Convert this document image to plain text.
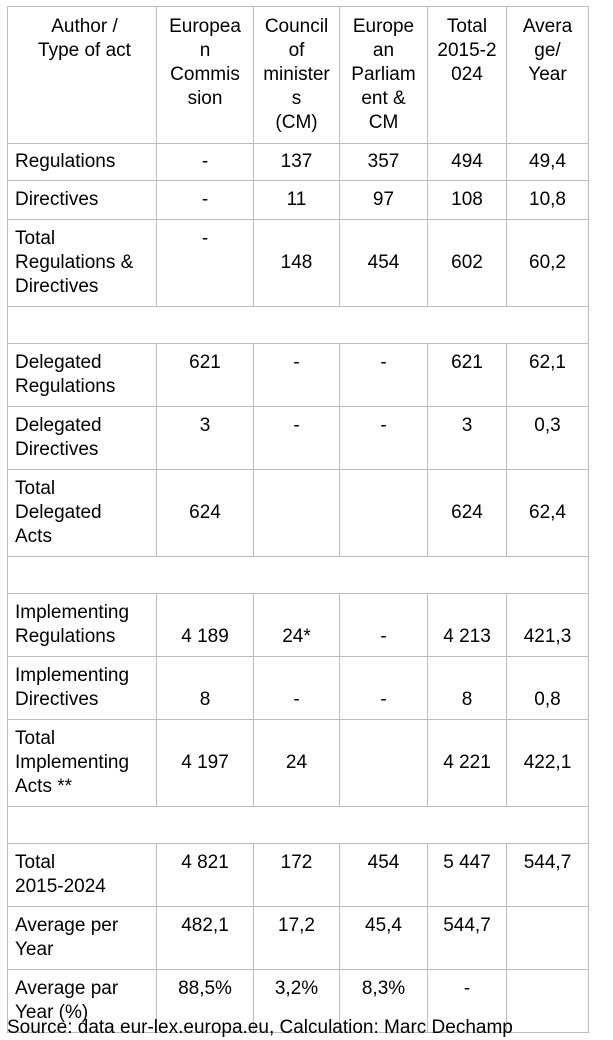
Author /
Type of act	Europea
n
Commis
sion	Council
of
minister
s
(CM)	Europe
an
Parliam
ent &
CM	Total
2015-2
024	Avera
ge/
Year
Regulations	-	137	357	494	49,4
Directives	-	11	97	108	10,8
Total
Regulations &
Directives	-	148	454	602	60,2

Delegated
Regulations	621	-	-	621	62,1
Delegated
Directives	3	-	-	3	0,3
Total
Delegated
Acts	624			624	62,4

Implementing
Regulations	4 189	24*	-	4 213	421,3
Implementing
Directives	8	-	-	8	0,8
Total
Implementing
Acts **	4 197	24		4 221	422,1

Total
2015-2024	4 821	172	454	5 447	544,7
Average per
Year	482,1	17,2	45,4	544,7	
Average par
Year (%)	88,5%	3,2%	8,3%	-	
Source: data eur-lex.europa.eu, Calculation: Marc Dechamp
